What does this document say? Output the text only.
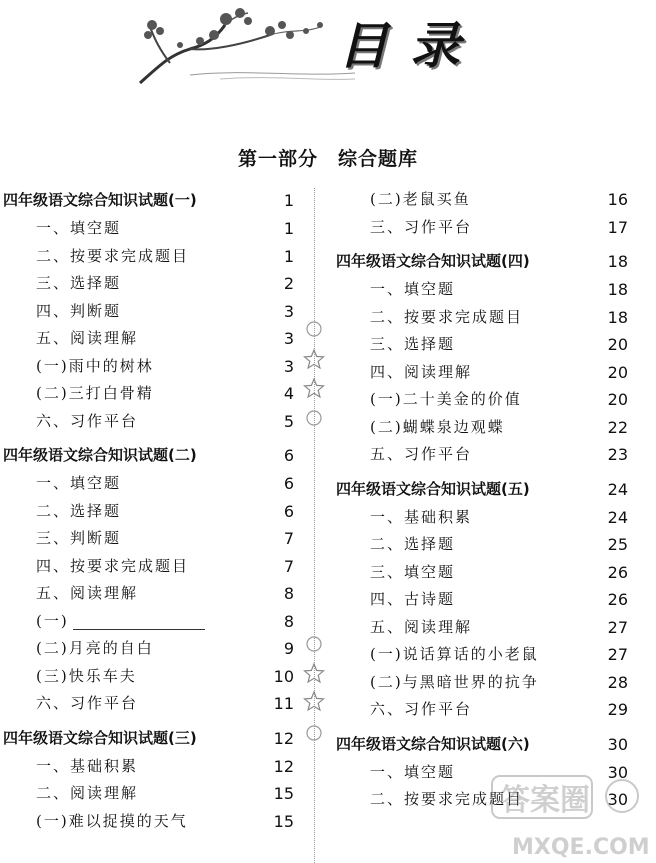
目录
第一部分　综合题库
四年级语文综合知识试题(一)	1
一、填空题	1
二、按要求完成题目	1
三、选择题	2
四、判断题	3
五、阅读理解	3
(一)雨中的树林	3
(二)三打白骨精	4
六、习作平台	5
四年级语文综合知识试题(二)	6
一、填空题	6
二、选择题	6
三、判断题	7
四、按要求完成题目	7
五、阅读理解	8
(一)	8
(二)月亮的自白	9
(三)快乐车夫	10
六、习作平台	11
四年级语文综合知识试题(三)	12
一、基础积累	12
二、阅读理解	15
(一)难以捉摸的天气	15
(二)老鼠买鱼	16
三、习作平台	17
四年级语文综合知识试题(四)	18
一、填空题	18
二、按要求完成题目	18
三、选择题	20
四、阅读理解	20
(一)二十美金的价值	20
(二)蝴蝶泉边观蝶	22
五、习作平台	23
四年级语文综合知识试题(五)	24
一、基础积累	24
二、选择题	25
三、填空题	26
四、古诗题	26
五、阅读理解	27
(一)说话算话的小老鼠	27
(二)与黑暗世界的抗争	28
六、习作平台	29
四年级语文综合知识试题(六)	30
一、填空题	30
二、按要求完成题目	30
答案圈
MXQE.COM
